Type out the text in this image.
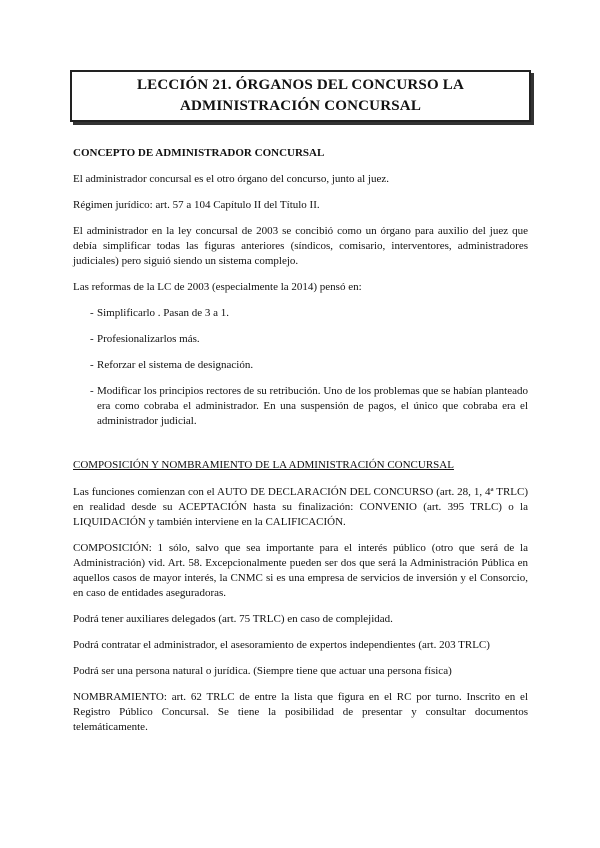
LECCIÓN 21. ÓRGANOS DEL CONCURSO LA
ADMINISTRACIÓN CONCURSAL
CONCEPTO DE ADMINISTRADOR CONCURSAL

El administrador concursal es el otro órgano del concurso, junto al juez.

Régimen jurídico: art. 57 a 104 Capítulo II del Título II.

El administrador en la ley concursal de 2003 se concibió como un órgano para auxilio del juez que debía simplificar todas las figuras anteriores (síndicos, comisario, interventores, administradores judiciales) pero siguió siendo un sistema complejo.

Las reformas de la LC de 2003 (especialmente la 2014) pensó en:

- Simplificarlo . Pasan de 3 a 1.
- Profesionalizarlos más.
- Reforzar el sistema de designación.
- Modificar los principios rectores de su retribución. Uno de los problemas que se habían planteado era como cobraba el administrador. En una suspensión de pagos, el único que cobraba era el administrador judicial.
COMPOSICIÓN Y NOMBRAMIENTO DE LA ADMINISTRACIÓN CONCURSAL

Las funciones comienzan con el AUTO DE DECLARACIÓN DEL CONCURSO (art. 28, 1, 4ª TRLC) en realidad desde su ACEPTACIÓN hasta su finalización: CONVENIO (art. 395 TRLC) o la LIQUIDACIÓN y también interviene en la CALIFICACIÓN.

COMPOSICIÓN: 1 sólo, salvo que sea importante para el interés público (otro que será de la Administración) vid. Art. 58. Excepcionalmente pueden ser dos que será la Administración Pública en aquellos casos de mayor interés, la CNMC si es una empresa de servicios de inversión y el Consorcio, en caso de entidades aseguradoras.

Podrá tener auxiliares delegados (art. 75 TRLC) en caso de complejidad.

Podrá contratar el administrador, el asesoramiento de expertos independientes (art. 203 TRLC)

Podrá ser una persona natural o jurídica. (Siempre tiene que actuar una persona física)

NOMBRAMIENTO: art. 62 TRLC de entre la lista que figura en el RC por turno. Inscrito en el Registro Público Concursal. Se tiene la posibilidad de presentar y consultar documentos telemáticamente.
